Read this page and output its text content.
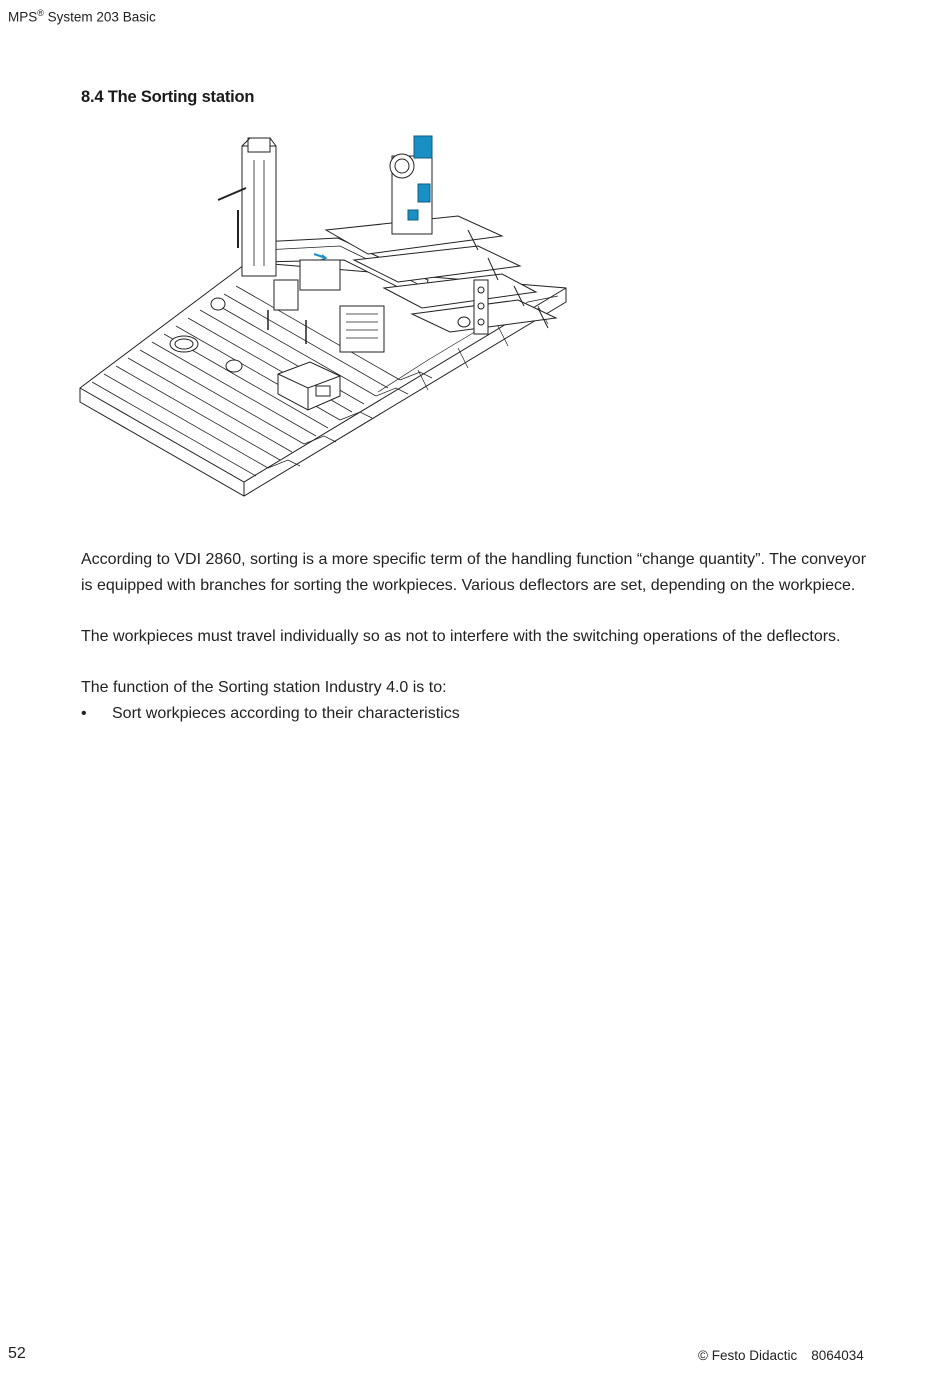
MPS® System 203 Basic
8.4 The Sorting station

According to VDI 2860, sorting is a more specific term of the handling function “change quantity”. The conveyor is equipped with branches for sorting the workpieces. Various deflectors are set, depending on the workpiece.

The workpieces must travel individually so as not to interfere with the switching operations of the deflectors.

The function of the Sorting station Industry 4.0 is to:

• Sort workpieces according to their characteristics
52	© Festo Didactic 8064034
